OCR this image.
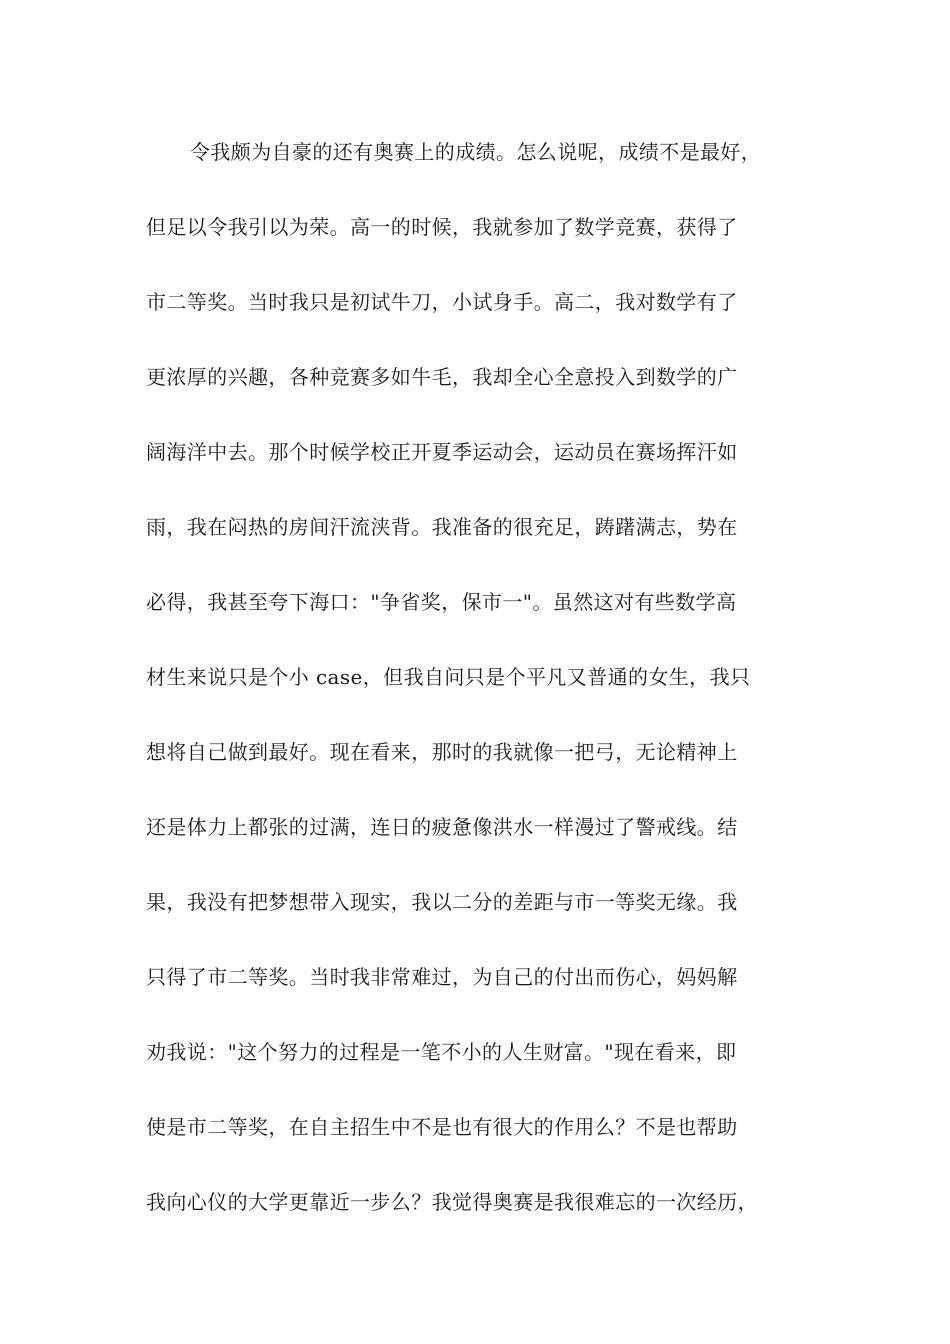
令我颇为自豪的还有奥赛上的成绩。怎么说呢，成绩不是最好，
但足以令我引以为荣。高一的时候，我就参加了数学竞赛，获得了
市二等奖。当时我只是初试牛刀，小试身手。高二，我对数学有了
更浓厚的兴趣，各种竞赛多如牛毛，我却全心全意投入到数学的广
阔海洋中去。那个时候学校正开夏季运动会，运动员在赛场挥汗如
雨，我在闷热的房间汗流浃背。我准备的很充足，踌躇满志，势在
必得，我甚至夸下海口："争省奖，保市一"。虽然这对有些数学高
材生来说只是个小 case，但我自问只是个平凡又普通的女生，我只
想将自己做到最好。现在看来，那时的我就像一把弓，无论精神上
还是体力上都张的过满，连日的疲惫像洪水一样漫过了警戒线。结
果，我没有把梦想带入现实，我以二分的差距与市一等奖无缘。我
只得了市二等奖。当时我非常难过，为自己的付出而伤心，妈妈解
劝我说："这个努力的过程是一笔不小的人生财富。"现在看来，即
使是市二等奖，在自主招生中不是也有很大的作用么？不是也帮助
我向心仪的大学更靠近一步么？我觉得奥赛是我很难忘的一次经历，
